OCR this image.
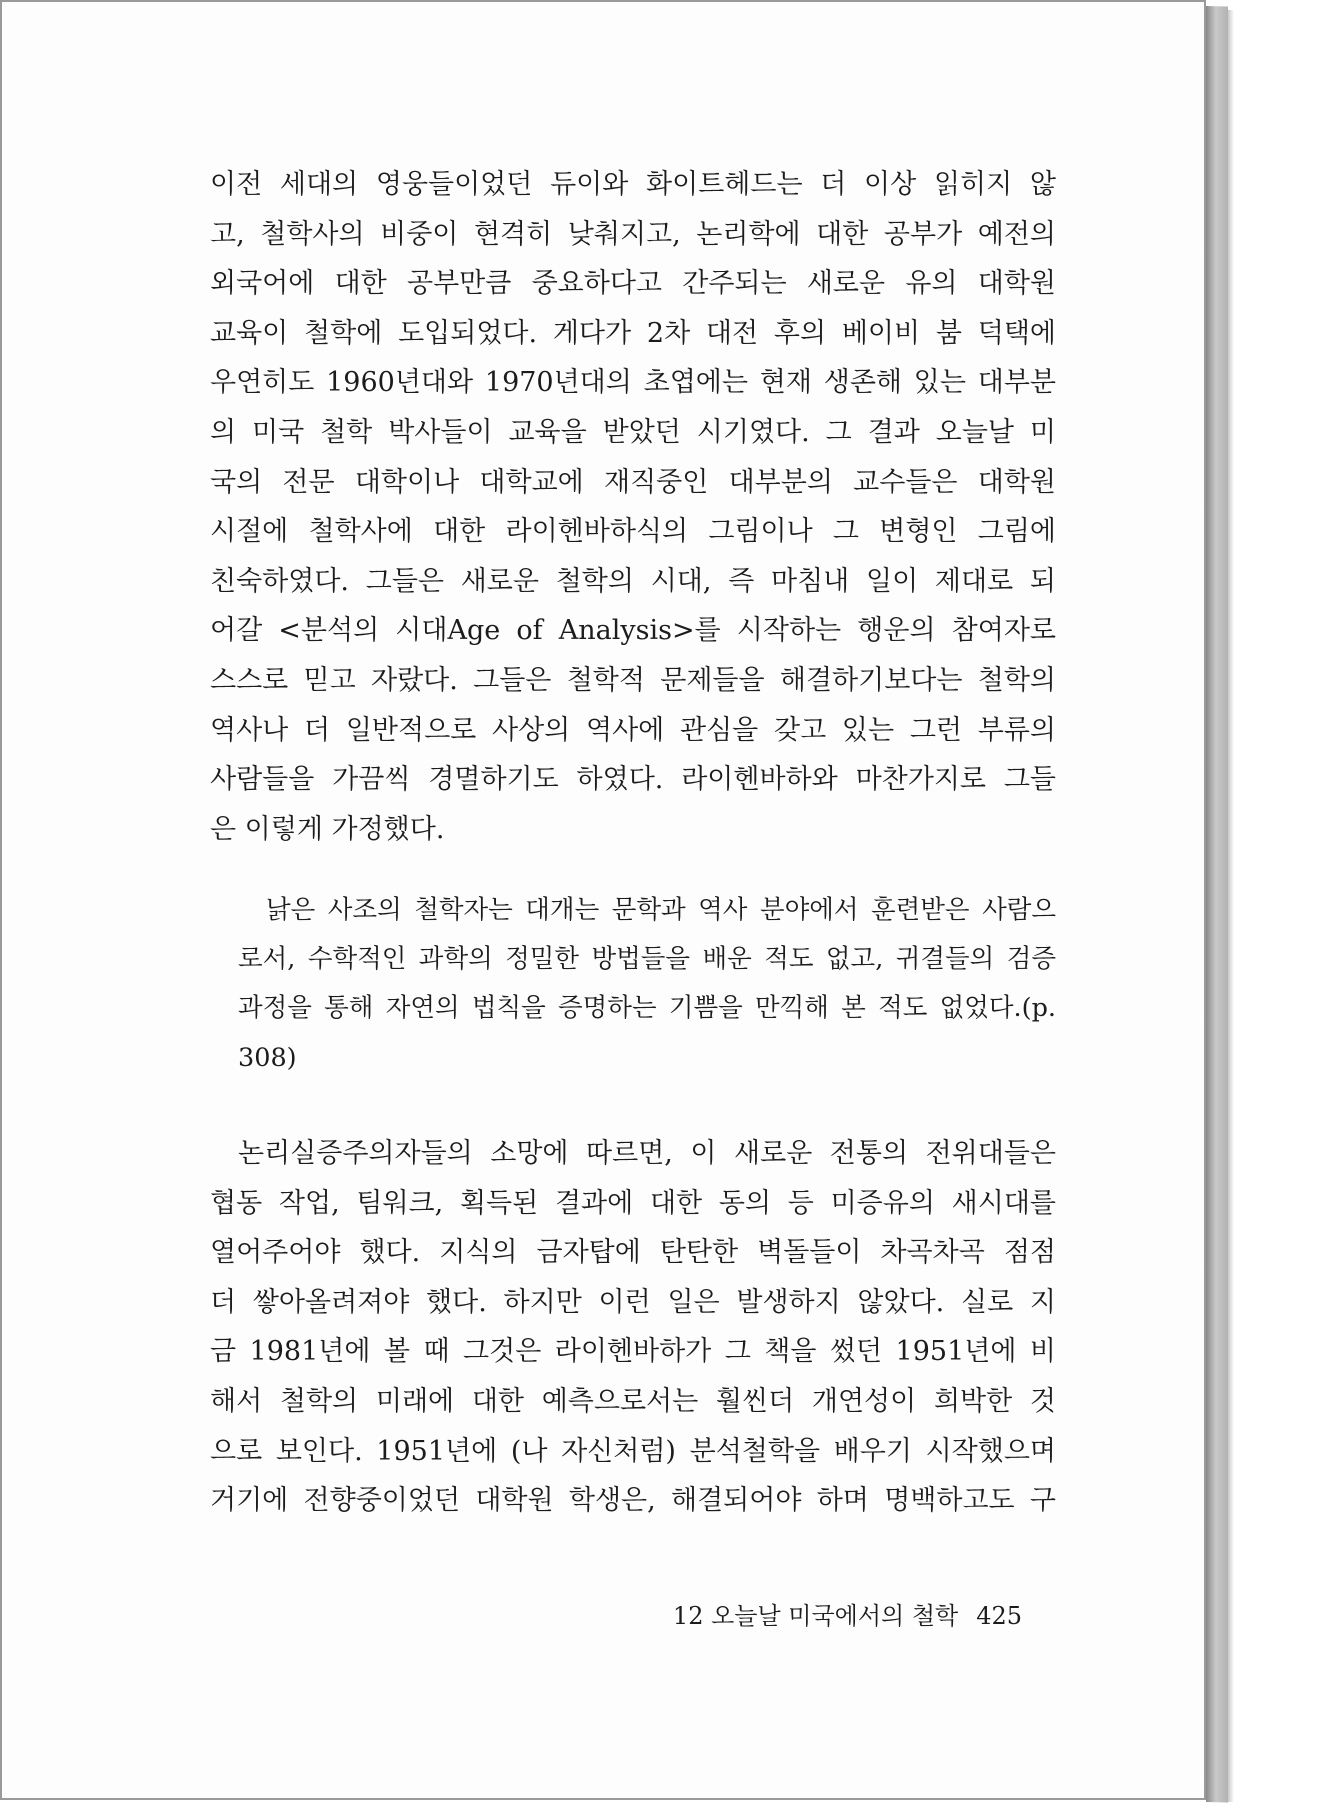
이전 세대의 영웅들이었던 듀이와 화이트헤드는 더 이상 읽히지 않
고, 철학사의 비중이 현격히 낮춰지고, 논리학에 대한 공부가 예전의
외국어에 대한 공부만큼 중요하다고 간주되는 새로운 유의 대학원
교육이 철학에 도입되었다. 게다가 2차 대전 후의 베이비 붐 덕택에
우연히도 1960년대와 1970년대의 초엽에는 현재 생존해 있는 대부분
의 미국 철학 박사들이 교육을 받았던 시기였다. 그 결과 오늘날 미
국의 전문 대학이나 대학교에 재직중인 대부분의 교수들은 대학원
시절에 철학사에 대한 라이헨바하식의 그림이나 그 변형인 그림에
친숙하였다. 그들은 새로운 철학의 시대, 즉 마침내 일이 제대로 되
어갈 <분석의 시대Age of Analysis>를 시작하는 행운의 참여자로
스스로 믿고 자랐다. 그들은 철학적 문제들을 해결하기보다는 철학의
역사나 더 일반적으로 사상의 역사에 관심을 갖고 있는 그런 부류의
사람들을 가끔씩 경멸하기도 하였다. 라이헨바하와 마찬가지로 그들
은 이렇게 가정했다.
낡은 사조의 철학자는 대개는 문학과 역사 분야에서 훈련받은 사람으
로서, 수학적인 과학의 정밀한 방법들을 배운 적도 없고, 귀결들의 검증
과정을 통해 자연의 법칙을 증명하는 기쁨을 만끽해 본 적도 없었다.(p.
308)
논리실증주의자들의 소망에 따르면, 이 새로운 전통의 전위대들은
협동 작업, 팀워크, 획득된 결과에 대한 동의 등 미증유의 새시대를
열어주어야 했다. 지식의 금자탑에 탄탄한 벽돌들이 차곡차곡 점점
더 쌓아올려져야 했다. 하지만 이런 일은 발생하지 않았다. 실로 지
금 1981년에 볼 때 그것은 라이헨바하가 그 책을 썼던 1951년에 비
해서 철학의 미래에 대한 예측으로서는 훨씬더 개연성이 희박한 것
으로 보인다. 1951년에 (나 자신처럼) 분석철학을 배우기 시작했으며
거기에 전향중이었던 대학원 학생은, 해결되어야 하며 명백하고도 구
12 오늘날 미국에서의 철학 425
